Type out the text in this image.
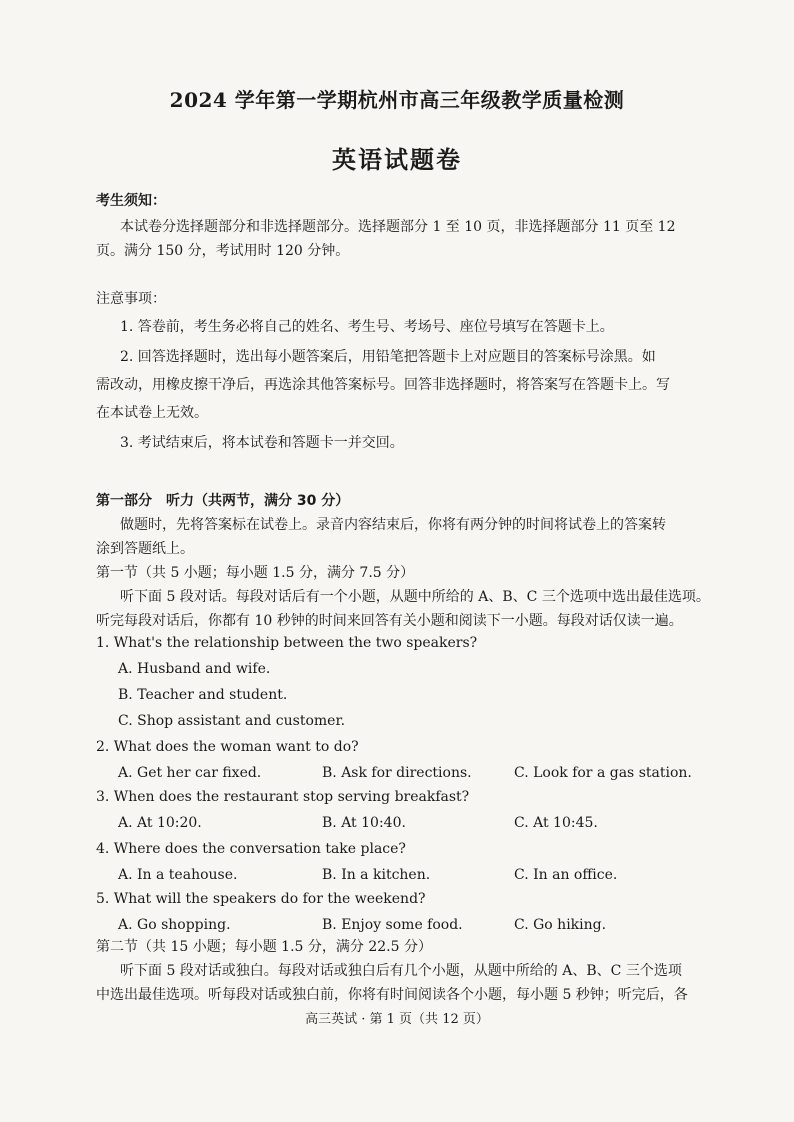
2024 学年第一学期杭州市高三年级教学质量检测
英语试题卷
考生须知：
本试卷分选择题部分和非选择题部分。选择题部分 1 至 10 页，非选择题部分 11 页至 12
页。满分 150 分，考试用时 120 分钟。
注意事项：
1. 答卷前，考生务必将自己的姓名、考生号、考场号、座位号填写在答题卡上。
2. 回答选择题时，选出每小题答案后，用铅笔把答题卡上对应题目的答案标号涂黑。如
需改动，用橡皮擦干净后，再选涂其他答案标号。回答非选择题时，将答案写在答题卡上。写
在本试卷上无效。
3. 考试结束后，将本试卷和答题卡一并交回。
第一部分　听力（共两节，满分 30 分）
做题时，先将答案标在试卷上。录音内容结束后，你将有两分钟的时间将试卷上的答案转
涂到答题纸上。
第一节（共 5 小题；每小题 1.5 分，满分 7.5 分）
听下面 5 段对话。每段对话后有一个小题，从题中所给的 A、B、C 三个选项中选出最佳选项。
听完每段对话后，你都有 10 秒钟的时间来回答有关小题和阅读下一小题。每段对话仅读一遍。
1. What's the relationship between the two speakers?
A. Husband and wife.
B. Teacher and student.
C. Shop assistant and customer.
2. What does the woman want to do?
A. Get her car fixed.	B. Ask for directions.	C. Look for a gas station.
3. When does the restaurant stop serving breakfast?
A. At 10:20.	B. At 10:40.	C. At 10:45.
4. Where does the conversation take place?
A. In a teahouse.	B. In a kitchen.	C. In an office.
5. What will the speakers do for the weekend?
A. Go shopping.	B. Enjoy some food.	C. Go hiking.
第二节（共 15 小题；每小题 1.5 分，满分 22.5 分）
听下面 5 段对话或独白。每段对话或独白后有几个小题，从题中所给的 A、B、C 三个选项
中选出最佳选项。听每段对话或独白前，你将有时间阅读各个小题，每小题 5 秒钟；听完后，各
高三英试 · 第 1 页（共 12 页）
